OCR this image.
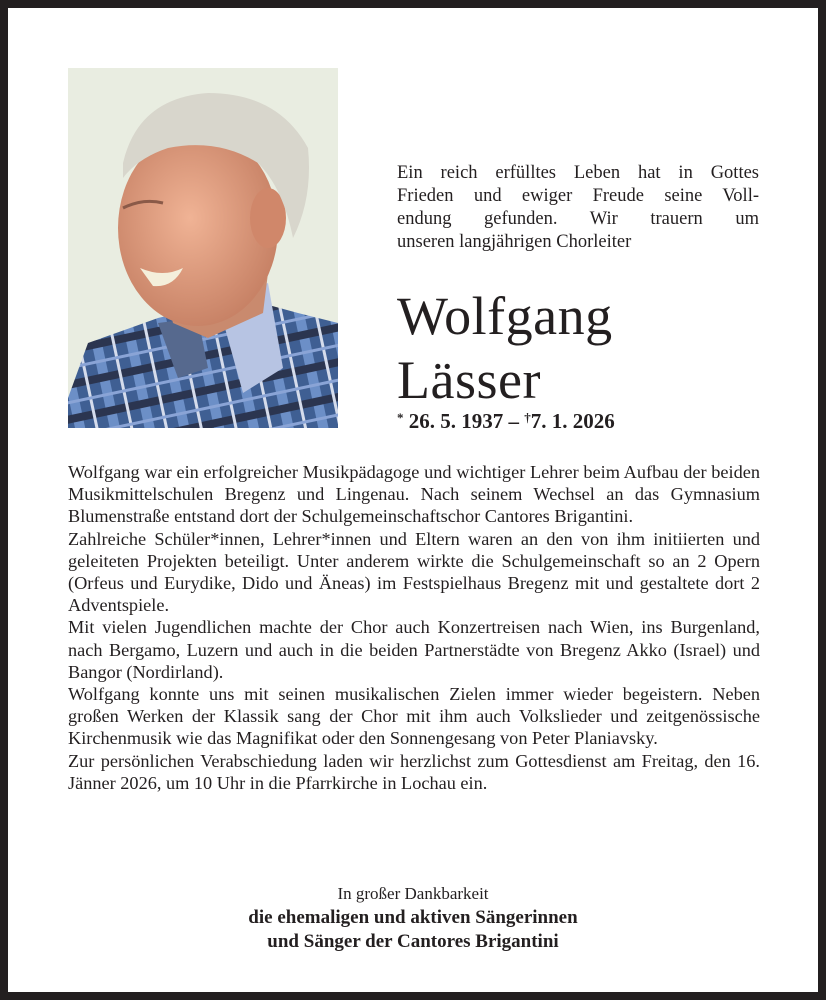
Ein reich erfülltes Leben hat in Gottes
Frieden und ewiger Freude seine Voll-
endung gefunden. Wir trauern um
unseren langjährigen Chorleiter
Wolfgang
Lässer
* 26. 5. 1937 – †7. 1. 2026

Wolfgang war ein erfolgreicher Musikpädagoge und wichtiger Lehrer beim Aufbau der beiden Musikmittelschulen Bregenz und Lingenau. Nach seinem Wechsel an das Gymnasium Blumenstraße entstand dort der Schulgemeinschaftschor Cantores Brigantini.

Zahlreiche Schüler*innen, Lehrer*innen und Eltern waren an den von ihm initiierten und geleiteten Projekten beteiligt. Unter anderem wirkte die Schulgemeinschaft so an 2 Opern (Orfeus und Eurydike, Dido und Äneas) im Festspielhaus Bregenz mit und gestaltete dort 2 Adventspiele.

Mit vielen Jugendlichen machte der Chor auch Konzertreisen nach Wien, ins Burgenland, nach Bergamo, Luzern und auch in die beiden Partnerstädte von Bregenz Akko (Israel) und Bangor (Nordirland).

Wolfgang konnte uns mit seinen musikalischen Zielen immer wieder begeistern. Neben großen Werken der Klassik sang der Chor mit ihm auch Volkslieder und zeitgenössische Kirchenmusik wie das Magnifikat oder den Sonnengesang von Peter Planiavsky.

Zur persönlichen Verabschiedung laden wir herzlichst zum Gottesdienst am Freitag, den 16. Jänner 2026, um 10 Uhr in die Pfarrkirche in Lochau ein.

In großer Dankbarkeit
die ehemaligen und aktiven Sängerinnen
und Sänger der Cantores Brigantini
